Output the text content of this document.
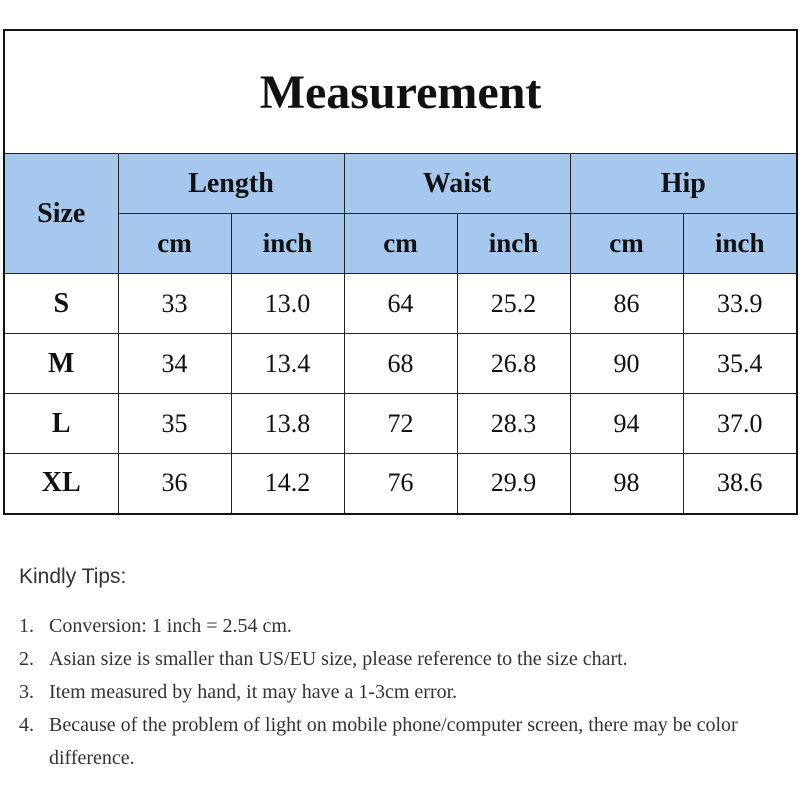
Measurement						
Size	Length		Waist		Hip	
	cm	inch	cm	inch	cm	inch
S	33	13.0	64	25.2	86	33.9
M	34	13.4	68	26.8	90	35.4
L	35	13.8	72	28.3	94	37.0
XL	36	14.2	76	29.9	98	38.6
Kindly Tips:
1. Conversion: 1 inch = 2.54 cm.
2. Asian size is smaller than US/EU size, please reference to the size chart.
3. Item measured by hand, it may have a 1-3cm error.
4. Because of the problem of light on mobile phone/computer screen, there may be color difference.
